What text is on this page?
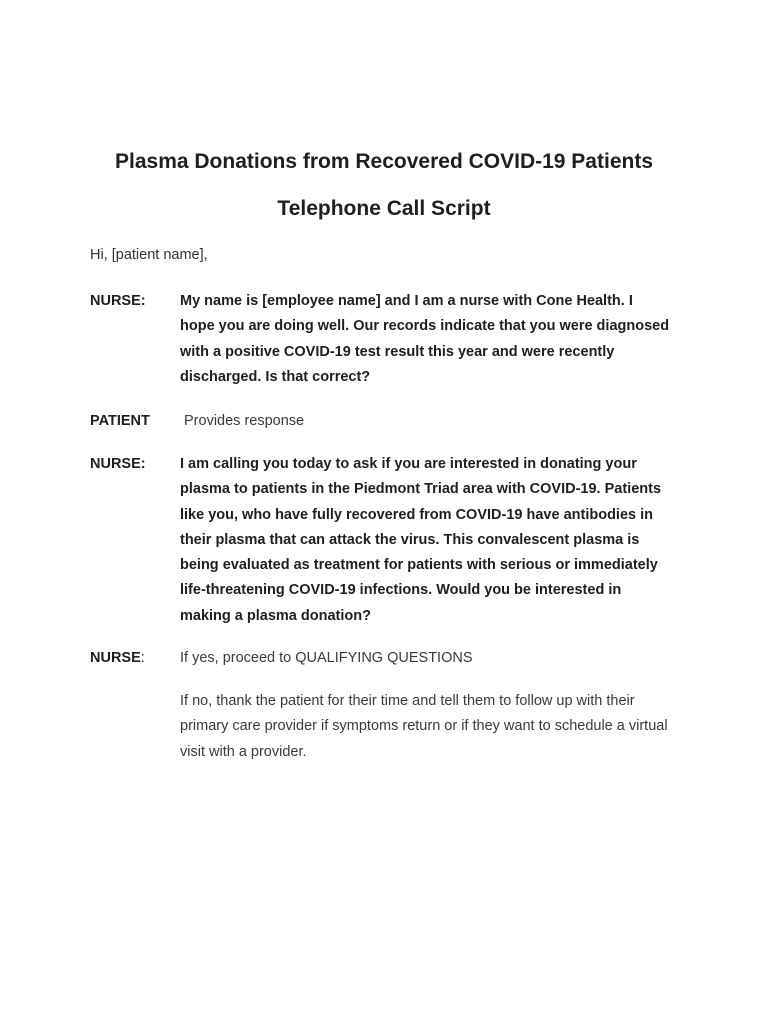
Plasma Donations from Recovered COVID-19 Patients
Telephone Call Script
Hi, [patient name],
NURSE: My name is [employee name] and I am a nurse with Cone Health. I hope you are doing well. Our records indicate that you were diagnosed with a positive COVID-19 test result this year and were recently discharged. Is that correct?

PATIENT Provides response

NURSE: I am calling you today to ask if you are interested in donating your plasma to patients in the Piedmont Triad area with COVID-19. Patients like you, who have fully recovered from COVID-19 have antibodies in their plasma that can attack the virus. This convalescent plasma is being evaluated as treatment for patients with serious or immediately life-threatening COVID-19 infections. Would you be interested in making a plasma donation?

NURSE: If yes, proceed to QUALIFYING QUESTIONS

If no, thank the patient for their time and tell them to follow up with their primary care provider if symptoms return or if they want to schedule a virtual visit with a provider.
